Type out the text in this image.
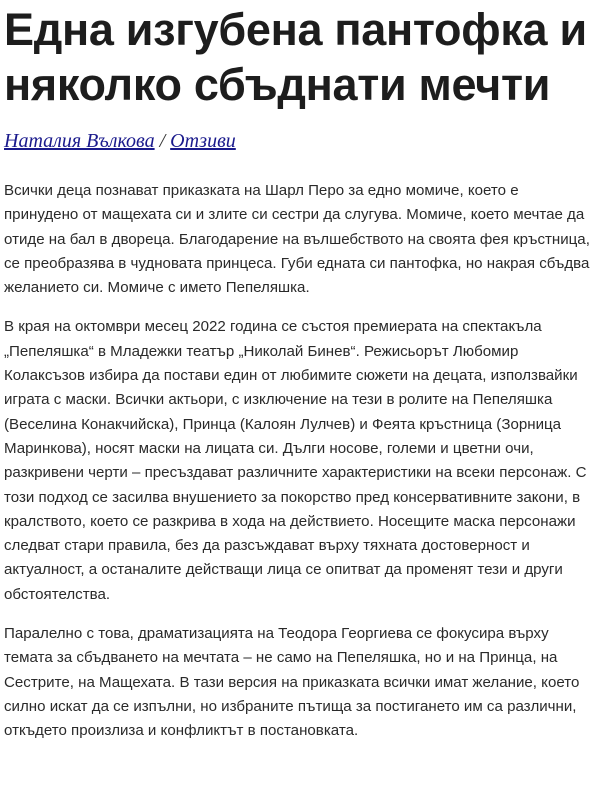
Една изгубена пантофка и няколко сбъднати мечти
Наталия Вълкова / Отзиви

Всички деца познават приказката на Шарл Перо за едно момиче, което е принудено от мащехата си и злите си сестри да слугува. Момиче, което мечтае да отиде на бал в двореца. Благодарение на вълшебството на своята фея кръстница, се преобразява в чудновата принцеса. Губи едната си пантофка, но накрая сбъдва желанието си. Момиче с името Пепеляшка.

В края на октомври месец 2022 година се състоя премиерата на спектакъла „Пепеляшка“ в Младежки театър „Николай Бинев“. Режисьорът Любомир Колаксъзов избира да постави един от любимите сюжети на децата, използвайки играта с маски. Всички актьори, с изключение на тези в ролите на Пепеляшка (Веселина Конакчийска), Принца (Калоян Лулчев) и Феята кръстница (Зорница Маринкова), носят маски на лицата си. Дълги носове, големи и цветни очи, разкривени черти – пресъздават различните характеристики на всеки персонаж. С този подход се засилва внушението за покорство пред консервативните закони, в кралството, което се разкрива в хода на действието. Носещите маска персонажи следват стари правила, без да разсъждават върху тяхната достоверност и актуалност, а останалите действащи лица се опитват да променят тези и други обстоятелства.

Паралелно с това, драматизацията на Теодора Георгиева се фокусира върху темата за сбъдването на мечтата – не само на Пепеляшка, но и на Принца, на Сестрите, на Мащехата. В тази версия на приказката всички имат желание, което силно искат да се изпълни, но избраните пътища за постигането им са различни, откъдето произлиза и конфликтът в постановката.
